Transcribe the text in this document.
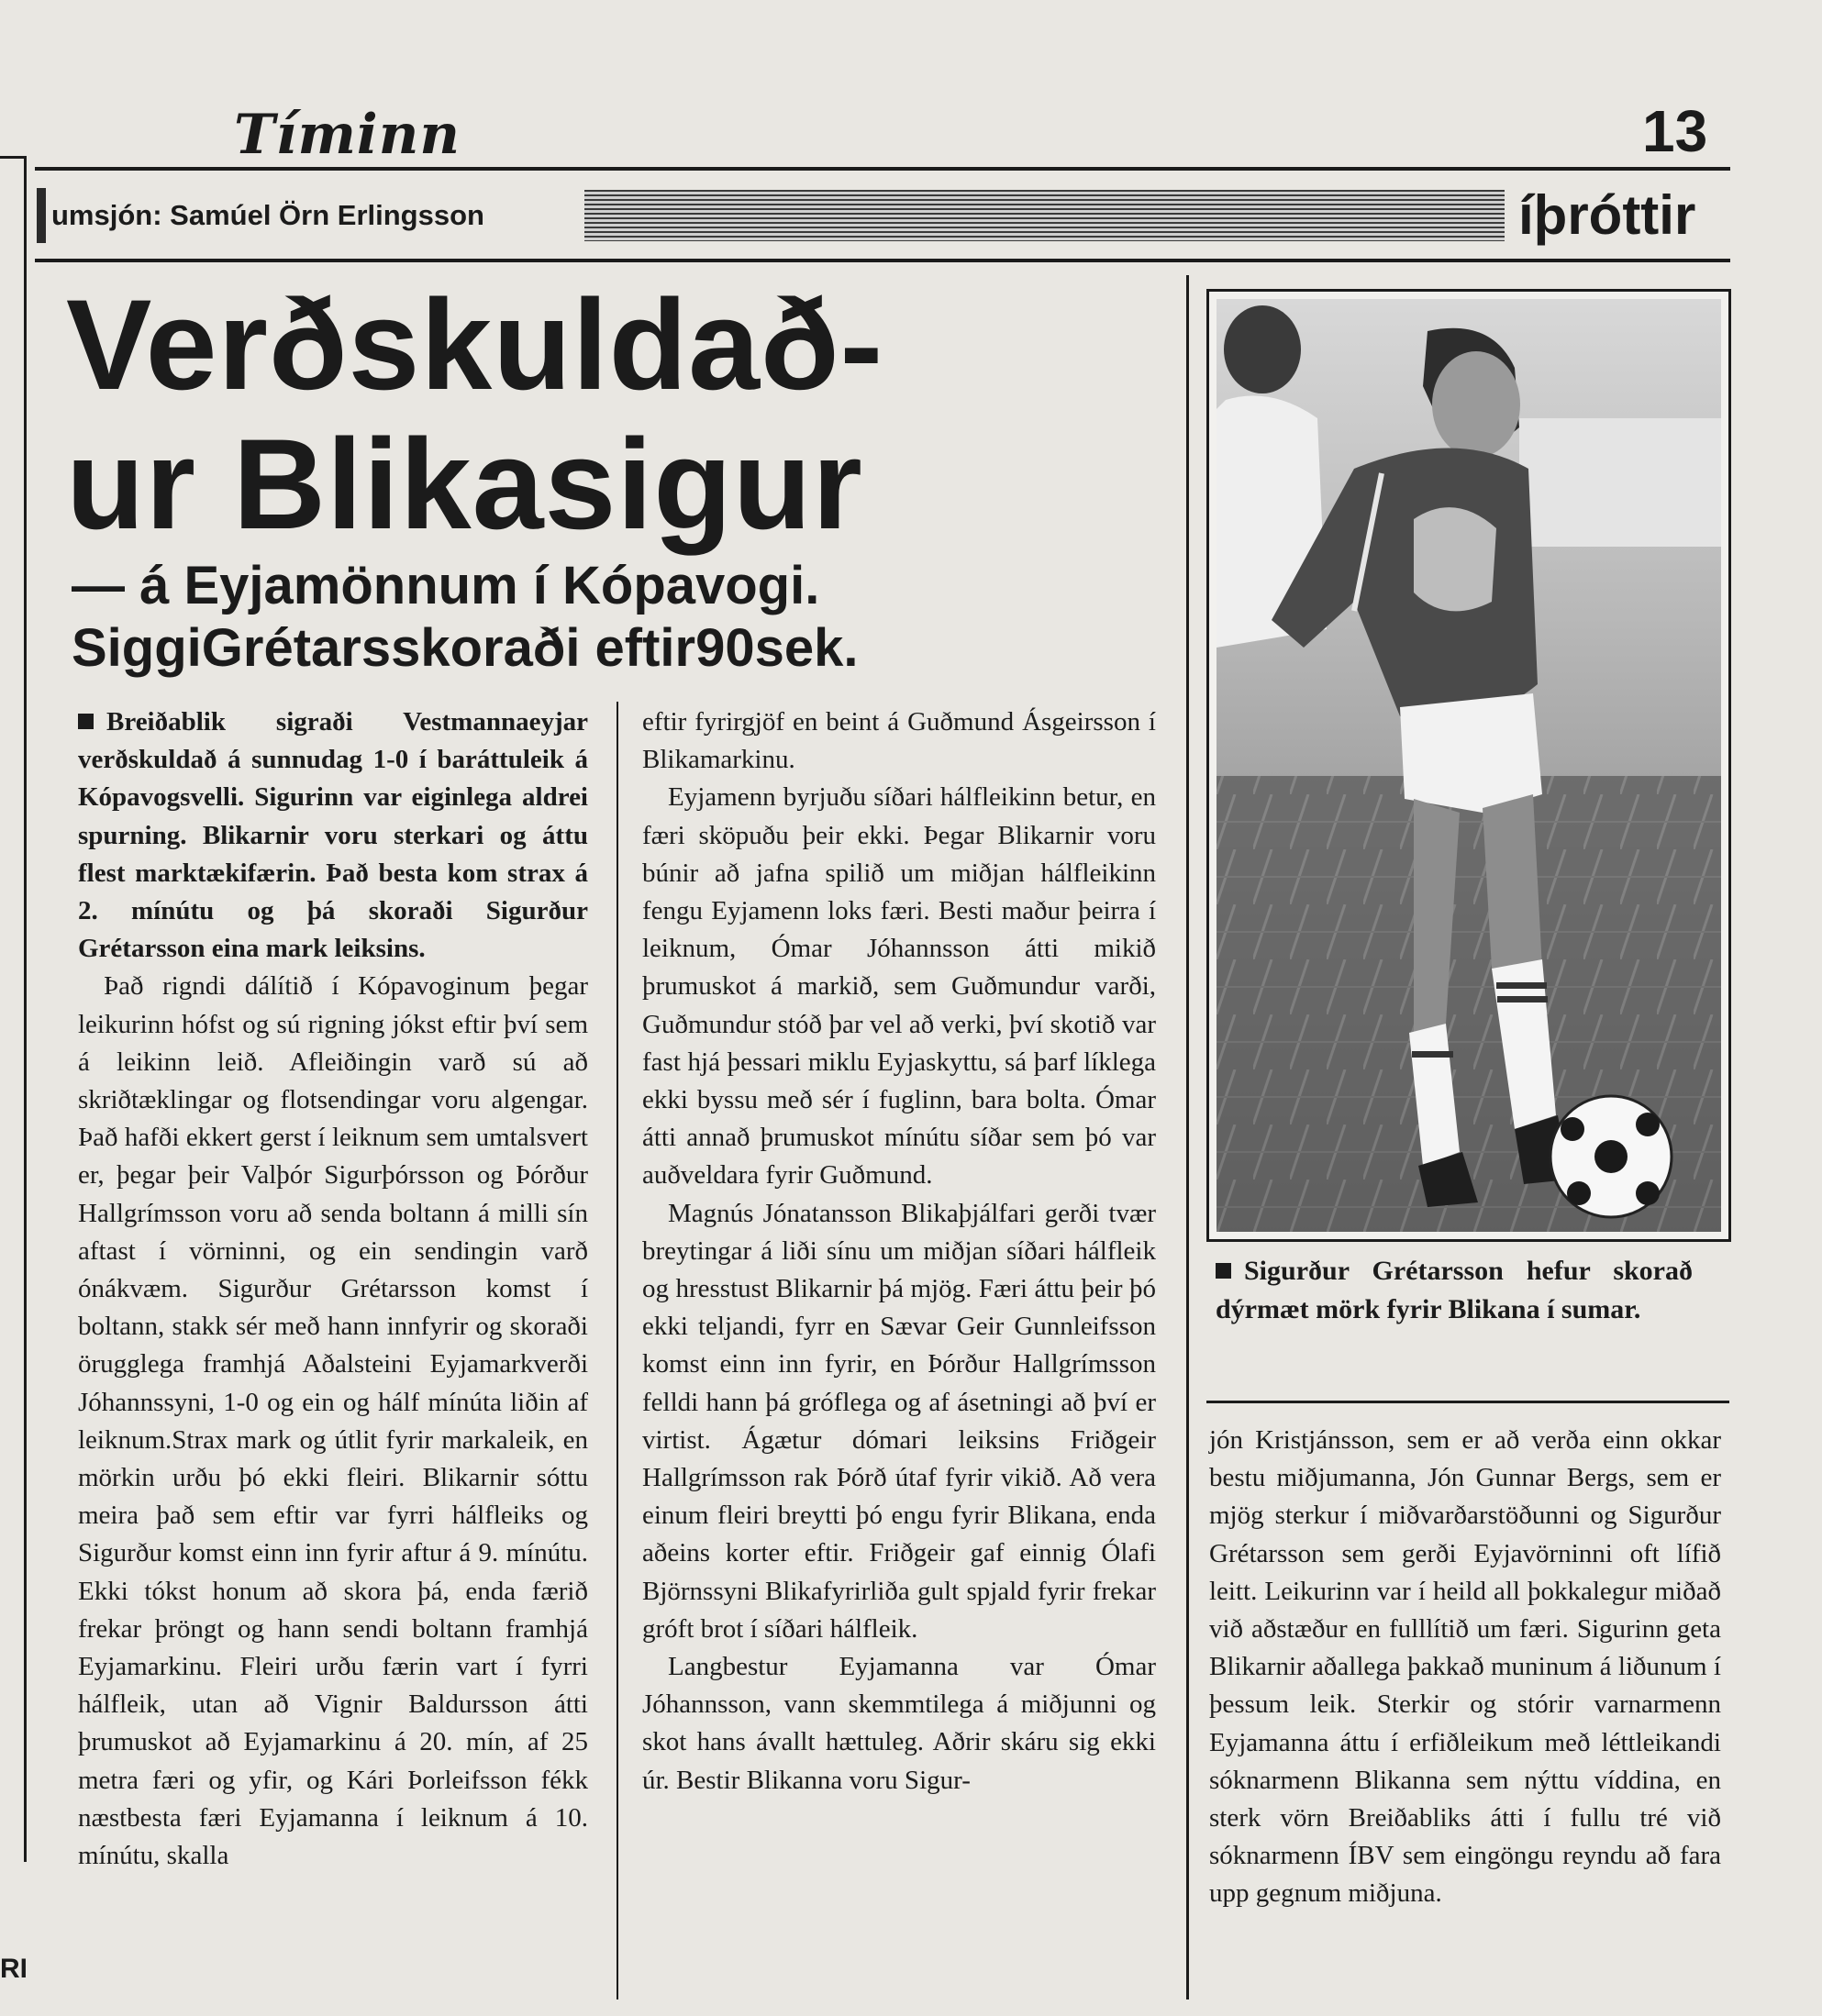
RI
Tíminn	13
umsjón: Samúel Örn Erlingsson	íþróttir
Verðskuldað-
ur Blikasigur
— á Eyjamönnum í Kópavogi.
SiggiGrétarsskoraði eftir90sek.

Breiðablik sigraði Vestmannaeyjar verðskuldað á sunnudag 1-0 í baráttuleik á Kópavogsvelli. Sigurinn var eiginlega aldrei spurning. Blikarnir voru sterkari og áttu flest marktækifærin. Það besta kom strax á 2. mínútu og þá skoraði Sigurður Grétarsson eina mark leiksins.

Það rigndi dálítið í Kópavoginum þegar leikurinn hófst og sú rigning jókst eftir því sem á leikinn leið. Afleiðingin varð sú að skriðtæklingar og flotsendingar voru algengar. Það hafði ekkert gerst í leiknum sem umtalsvert er, þegar þeir Valþór Sigurþórsson og Þórður Hallgrímsson voru að senda boltann á milli sín aftast í vörninni, og ein sendingin varð ónákvæm. Sigurður Grétarsson komst í boltann, stakk sér með hann innfyrir og skoraði örugglega framhjá Aðalsteini Eyjamarkverði Jóhannssyni, 1-0 og ein og hálf mínúta liðin af leiknum.Strax mark og útlit fyrir markaleik, en mörkin urðu þó ekki fleiri. Blikarnir sóttu meira það sem eftir var fyrri hálfleiks og Sigurður komst einn inn fyrir aftur á 9. mínútu. Ekki tókst honum að skora þá, enda færið frekar þröngt og hann sendi boltann framhjá Eyjamarkinu. Fleiri urðu færin vart í fyrri hálfleik, utan að Vignir Baldursson átti þrumuskot að Eyjamarkinu á 20. mín, af 25 metra færi og yfir, og Kári Þorleifsson fékk næstbesta færi Eyjamanna í leiknum á 10. mínútu, skalla

eftir fyrirgjöf en beint á Guðmund Ásgeirsson í Blikamarkinu.

Eyjamenn byrjuðu síðari hálfleikinn betur, en færi sköpuðu þeir ekki. Þegar Blikarnir voru búnir að jafna spilið um miðjan hálfleikinn fengu Eyjamenn loks færi. Besti maður þeirra í leiknum, Ómar Jóhannsson átti mikið þrumuskot á markið, sem Guðmundur varði, Guðmundur stóð þar vel að verki, því skotið var fast hjá þessari miklu Eyjaskyttu, sá þarf líklega ekki byssu með sér í fuglinn, bara bolta. Ómar átti annað þrumuskot mínútu síðar sem þó var auðveldara fyrir Guðmund.

Magnús Jónatansson Blikaþjálfari gerði tvær breytingar á liði sínu um miðjan síðari hálfleik og hresstust Blikarnir þá mjög. Færi áttu þeir þó ekki teljandi, fyrr en Sævar Geir Gunnleifsson komst einn inn fyrir, en Þórður Hallgrímsson felldi hann þá gróflega og af ásetningi að því er virtist. Ágætur dómari leiksins Friðgeir Hallgrímsson rak Þórð útaf fyrir vikið. Að vera einum fleiri breytti þó engu fyrir Blikana, enda aðeins korter eftir. Friðgeir gaf einnig Ólafi Björnssyni Blikafyrirliða gult spjald fyrir frekar gróft brot í síðari hálfleik.

Langbestur Eyjamanna var Ómar Jóhannsson, vann skemmtilega á miðjunni og skot hans ávallt hættuleg. Aðrir skáru sig ekki úr. Bestir Blikanna voru Sigur-

jón Kristjánsson, sem er að verða einn okkar bestu miðjumanna, Jón Gunnar Bergs, sem er mjög sterkur í miðvarðarstöðunni og Sigurður Grétarsson sem gerði Eyjavörninni oft lífið leitt. Leikurinn var í heild all þokkalegur miðað við aðstæður en fulllítið um færi. Sigurinn geta Blikarnir aðallega þakkað muninum á liðunum í þessum leik. Sterkir og stórir varnarmenn Eyjamanna áttu í erfiðleikum með léttleikandi sóknarmenn Blikanna sem nýttu víddina, en sterk vörn Breiðabliks átti í fullu tré við sóknarmenn ÍBV sem eingöngu reyndu að fara upp gegnum miðjuna.

Sigurður Grétarsson hefur skorað dýrmæt mörk fyrir Blikana í sumar.
